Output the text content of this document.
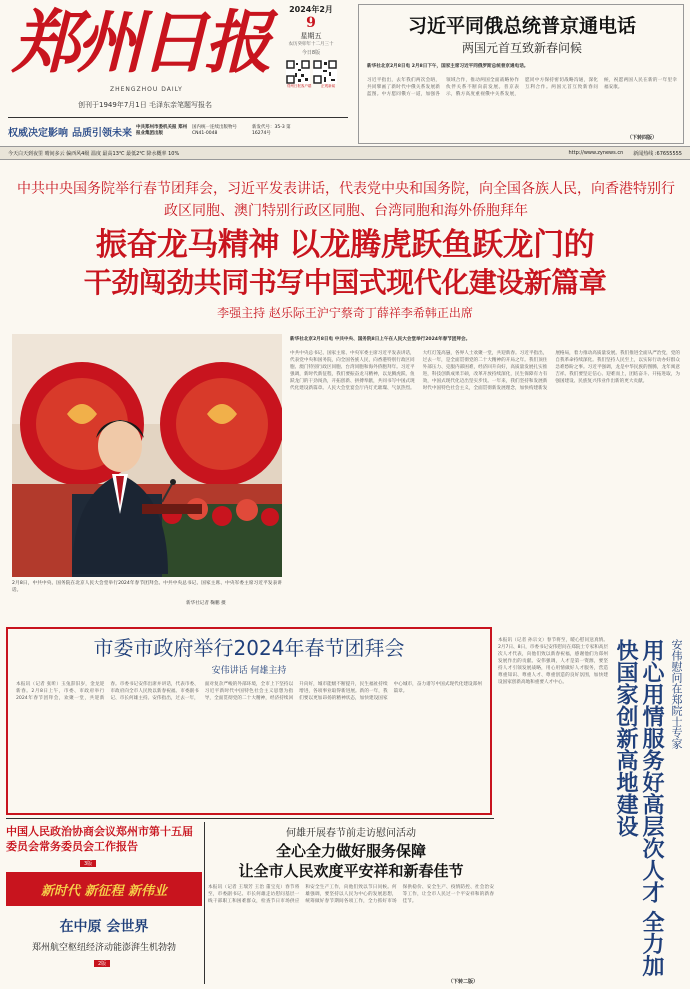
郑州日报
ZHENGZHOU DAILY
创刊于1949年7月1日 毛泽东亲笔题写报名
2024年2月
9
星期五
农历癸卯年十二月三十
今日8版
郑州日报客户端	正观新闻
权威决定影响 品质引领未来 中共郑州市委机关报 郑州报业集团出版
国内统一连续出版物号 CN41-0048
新发代号：35-3 第16274号
今天白天到夜里 晴间多云 偏西风4级 温度 最高13℃ 最低2℃ 降水概率 10%	http://www.zynews.cn 新闻热线 :67655555
习近平同俄总统普京通电话
两国元首互致新春问候
新华社北京2月8日电 2月8日下午，国家主席习近平同俄罗斯总统普京通电话。
习近平指出，去年我们两次会晤，共同擘画了新时代中俄关系发展新蓝图。中方愿同俄方一道，加强各领域合作，推动两国全面战略协作伙伴关系不断向前发展。普京表示，俄方高度重视俄中关系发展，愿同中方保持密切战略沟通，深化互利合作。两国元首互致新春问候，祝愿两国人民在新的一年里幸福安康。
（下转四版）
中共中央国务院举行春节团拜会，习近平发表讲话，代表党中央和国务院，向全国各族人民，向香港特别行政区同胞、澳门特别行政区同胞、台湾同胞和海外侨胞拜年
振奋龙马精神 以龙腾虎跃鱼跃龙门的
干劲闯劲共同书写中国式现代化建设新篇章
李强主持 赵乐际王沪宁蔡奇丁薛祥李希韩正出席
2月8日，中共中央、国务院在北京人民大会堂举行2024年春节团拜会。中共中央总书记、国家主席、中央军委主席习近平发表讲话。
新华社记者 鞠鹏 摄
新华社北京2月8日电 中共中央、国务院8日上午在人民大会堂举行2024年春节团拜会。
中共中央总书记、国家主席、中央军委主席习近平发表讲话，代表党中央和国务院，向全国各族人民，向香港特别行政区同胞、澳门特别行政区同胞、台湾同胞和海外侨胞拜年。习近平强调，新时代新征程，我们要振奋龙马精神，以龙腾虎跃、鱼跃龙门的干劲闯劲，开拓创新、拼搏奉献，共同书写中国式现代化建设新篇章。人民大会堂宴会厅内灯光璀璨、气氛热烈。大红灯笼高悬，各界人士欢聚一堂，共迎新春。习近平指出，过去一年，是全面贯彻党的二十大精神的开局之年。我们顶住外部压力、克服内部困难，经济回升向好，高质量发展扎实推进，科技创新成果丰硕，改革开放持续深化，民生保障有力有效，中国式现代化迈出坚实步伐。一年来，我们坚持和发展新时代中国特色社会主义，全面贯彻新发展理念，加快构建新发展格局，着力推动高质量发展。我们推进全面从严治党，党的自我革命持续深化。我们坚持人民至上，以实际行动办好群众急难愁盼之事。习近平强调，龙是中华民族的图腾，龙年寓意吉祥。我们要坚定信心、迎难而上，团结奋斗、开拓进取，为强国建设、民族复兴伟业作出新的更大贡献。
市委市政府举行2024年春节团拜会
安伟讲话 何雄主持
本报讯（记者 张昕）玉兔辞旧岁，金龙迎新春。2月8日上午，市委、市政府举行2024年春节团拜会，欢聚一堂，共迎新春。市委书记安伟出席并讲话，代表市委、市政府向全市人民致以新春祝福。市委副书记、市长何雄主持。安伟指出，过去一年，面对复杂严峻的外部环境，全市上下坚持以习近平新时代中国特色社会主义思想为指导，全面贯彻党的二十大精神，经济持续回升向好，城市能级不断提升，民生福祉持续增进，各项事业取得新进展。新的一年，我们要以更加昂扬的精神状态，加快建设国家中心城市，奋力谱写中国式现代化建设郑州篇章。
本报讯（记者 孙宗文）春节将至，暖心慰问送真情。2月7日、8日，市委书记安伟慰问在郑院士专家和高层次人才代表，向他们致以新春祝福，感谢他们为郑州发展作出的贡献。安伟强调，人才是第一资源，要坚持人才引领发展战略，用心用情做好人才服务，营造尊重知识、尊重人才、尊重创造的良好氛围，加快建设国家创新高地和重要人才中心。	用心用情服务好高层次人才 全力加快国家创新高地建设	安伟慰问在郑院士专家
中国人民政治协商会议郑州市第十五届委员会常务委员会工作报告
3版
新时代 新征程 新伟业
在中原 会世界
郑州航空枢纽经济动能澎湃生机勃勃
2版
何雄开展春节前走访慰问活动
全心全力做好服务保障
让全市人民欢度平安祥和新春佳节
本报讯（记者 王瑞芳 王治 董宝克）春节将至，市委副书记、市长何雄走访慰问基层一线干部职工和困难群众，检查节日市场供应和安全生产工作，向他们致以节日问候。何雄强调，要坚持以人民为中心的发展思想，统筹做好春节期间各项工作，全力抓好市场保供稳价、安全生产、疫情防控、社会治安等工作，让全市人民过一个平安祥和的新春佳节。
（下转二版）
